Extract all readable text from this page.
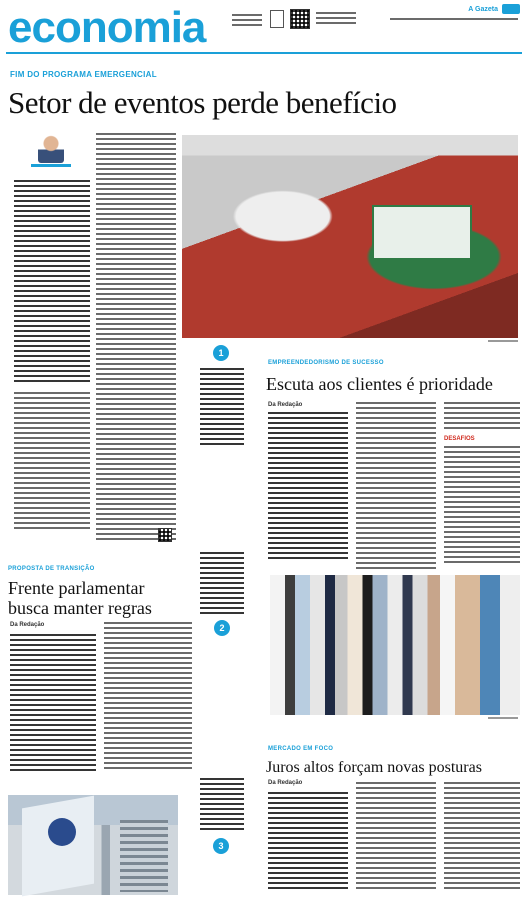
economia	A Gazeta
FIM DO PROGRAMA EMERGENCIAL
Setor de eventos perde benefício
1
EMPREENDEDORISMO DE SUCESSO
Escuta aos clientes é prioridade
Da Redação
DESAFIOS
2
PROPOSTA DE TRANSIÇÃO
Frente parlamentar
busca manter regras
Da Redação
MERCADO EM FOCO
Juros altos forçam novas posturas
Da Redação
3
